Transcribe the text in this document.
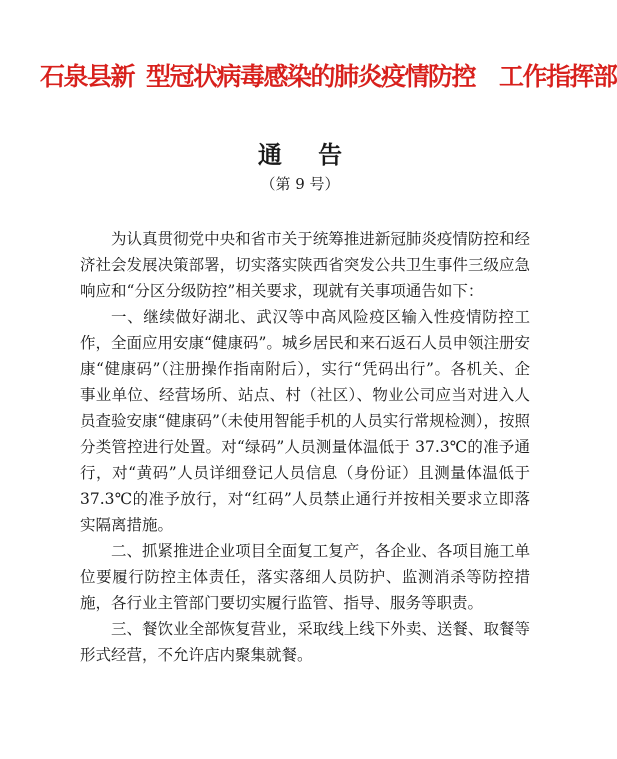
石泉县新 型冠状病毒感染的肺炎疫情防控 工作指挥部
通 告
（第 9 号）

为认真贯彻党中央和省市关于统筹推进新冠肺炎疫情防控和经济社会发展决策部署，切实落实陕西省突发公共卫生事件三级应急响应和“分区分级防控”相关要求，现就有关事项通告如下：

一、继续做好湖北、武汉等中高风险疫区输入性疫情防控工作，全面应用安康“健康码”。城乡居民和来石返石人员申领注册安康“健康码”（注册操作指南附后），实行“凭码出行”。各机关、企事业单位、经营场所、站点、村（社区）、物业公司应当对进入人员查验安康“健康码”（未使用智能手机的人员实行常规检测），按照分类管控进行处置。对“绿码”人员测量体温低于 37.3℃的准予通行，对“黄码”人员详细登记人员信息（身份证）且测量体温低于 37.3℃的准予放行，对“红码”人员禁止通行并按相关要求立即落实隔离措施。

二、抓紧推进企业项目全面复工复产，各企业、各项目施工单位要履行防控主体责任，落实落细人员防护、监测消杀等防控措施，各行业主管部门要切实履行监管、指导、服务等职责。

三、餐饮业全部恢复营业，采取线上线下外卖、送餐、取餐等形式经营，不允许店内聚集就餐。
